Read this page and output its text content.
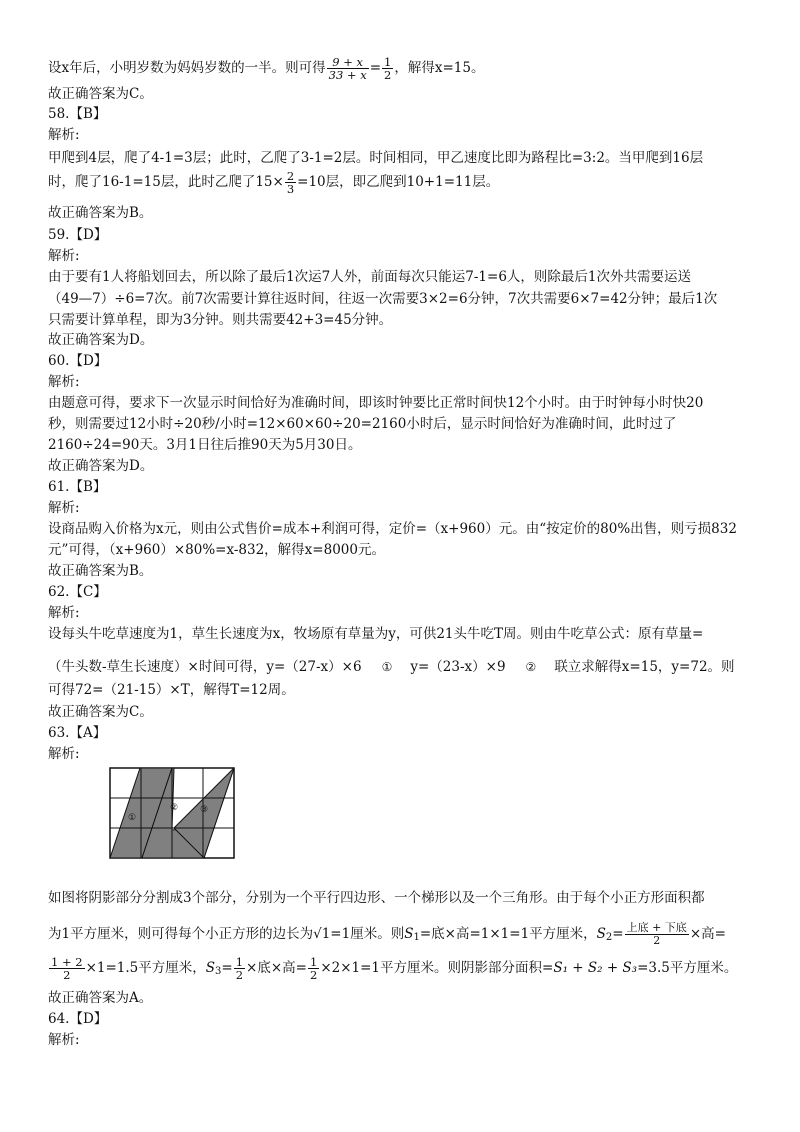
设x年后，小明岁数为妈妈岁数的一半。则可得 $\frac{9 + x}{33 + x} = \frac{1}{2}$ ，解得x=15。
故正确答案为C。
58.【B】
解析:
甲爬到4层，爬了4-1=3层；此时，乙爬了3-1=2层。时间相同，甲乙速度比即为路程比=3:2。当甲爬到16层
时，爬了16-1=15层，此时乙爬了$15\times \frac{2}{3} =10$层，即乙爬到10+1=11层。
故正确答案为B。
59.【D】
解析:
由于要有1人将船划回去，所以除了最后1次运7人外，前面每次只能运7-1=6人，则除最后1次外共需要运送
（49—7）÷6=7次。前7次需要计算往返时间，往返一次需要3×2=6分钟，7次共需要6×7=42分钟；最后1次
只需要计算单程，即为3分钟。则共需要42+3=45分钟。
故正确答案为D。
60.【D】
解析:
由题意可得，要求下一次显示时间恰好为准确时间，即该时钟要比正常时间快12个小时。由于时钟每小时快20
秒，则需要过12小时÷20秒/小时=12×60×60÷20=2160小时后，显示时间恰好为准确时间，此时过了
2160÷24=90天。3月1日往后推90天为5月30日。
故正确答案为D。
61.【B】
解析:
设商品购入价格为x元，则由公式售价=成本+利润可得，定价=（x+960）元。由“按定价的80%出售，则亏损832
元”可得，（x+960）×80%=x-832，解得x=8000元。
故正确答案为B。
62.【C】
解析:
设每头牛吃草速度为1，草生长速度为x，牧场原有草量为y，可供21头牛吃T周。则由牛吃草公式：原有草量=
（牛头数-草生长速度）×时间可得，y=（27-x）×6 ① y=（23-x）×9 ② 联立求解得x=15，y=72。则
可得72=（21-15）×T，解得T=12周。
故正确答案为C。
63.【A】
解析:
①
② ③
如图将阴影部分分割成3个部分，分别为一个平行四边形、一个梯形以及一个三角形。由于每个小正方形面积都
为1平方厘米，则可得每个小正方形的边长为√1=1厘米。则$S_1=$底×高=1×1=1平方厘米，$S_2= \frac{\text{上底 + 下底}}{2}$ ×高=
$\frac{1 + 2}{2} \times 1=1.5$平方厘米，$S_3= \frac{1}{2}$ ×底×高= $\frac{1}{2} \times 2\times 1=1$平方厘米。则阴影部分面积=S₁ + S₂ + S₃=3.5平方厘米。
故正确答案为A。
64.【D】
解析:
